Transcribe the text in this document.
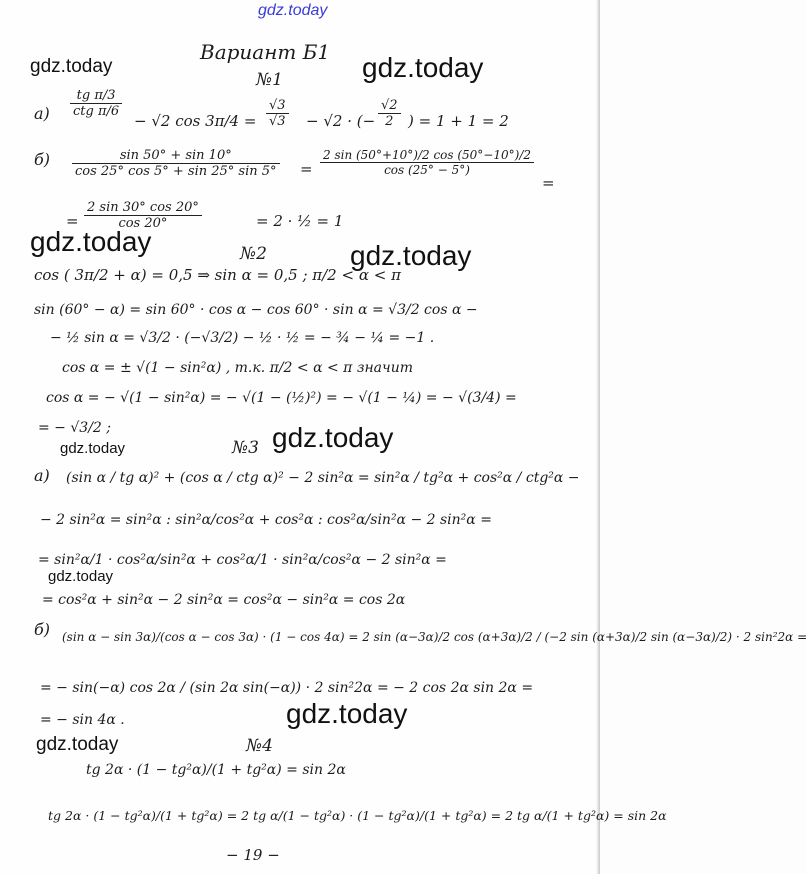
gdz.today
gdz.today	gdz.today
gdz.today	gdz.today
gdz.today
gdz.today
gdz.today
gdz.today
gdz.today
Вариант Б1
№1
а)
tg π/3
ctg π/6
− √2 $\cos 3\pi/4 = \frac{√3}{√3} - √2$ · (− $\frac{√2}{2}$ ) = 1 + 1 = 2
$б) \frac{\sin 50^\circ + \sin 10^\circ}{\cos 25^\circ \cos 5^\circ + \sin 25^\circ \sin 5^\circ} = \frac{2 \sin (50^\circ+10^\circ)/2 \cos (50^\circ-10^\circ)/2}{\cos (25^\circ - 5^\circ)}$
=
= $\frac{2 \sin 30^\circ \cos 20^\circ}{\cos 20^\circ}$	= 2 · ½ = 1
№2
cos ( 3π/2 + α) = 0,5 ⇒ sin α = 0,5 ; π/2 < α < π
sin (60° − α) = sin 60° · cos α − cos 60° · sin α = √3/2 cos α −
− ½ sin α = √3/2 · (−√3/2) − ½ · ½ = − ¾ − ¼ = −1 .
cos α = ± √(1 − sin²α) , т.к. π/2 < α < π значит
cos α = − √(1 − sin²α) = − √(1 − (½)²) = − √(1 − ¼) = − √(3/4) =
= − √3/2 ;
№3
а) (sin α / tg α)² + (cos α / ctg α)² − 2 sin²α = sin²α / tg²α + cos²α / ctg²α −
− 2 sin²α = sin²α : sin²α/cos²α + cos²α : cos²α/sin²α − 2 sin²α =
= sin²α/1 · cos²α/sin²α + cos²α/1 · sin²α/cos²α − 2 sin²α =
= cos²α + sin²α − 2 sin²α = cos²α − sin²α = cos 2α
б) (sin α − sin 3α)/(cos α − cos 3α) · (1 − cos 4α) = 2 sin (α−3α)/2 cos (α+3α)/2 / (−2 sin (α+3α)/2 sin (α−3α)/2) · 2 sin²2α =
= − sin(−α) cos 2α / (sin 2α sin(−α)) · 2 sin²2α = − 2 cos 2α sin 2α =
= − sin 4α .
№4
tg 2α · (1 − tg²α)/(1 + tg²α) = sin 2α
tg 2α · (1 − tg²α)/(1 + tg²α) = 2 tg α/(1 − tg²α) · (1 − tg²α)/(1 + tg²α) = 2 tg α/(1 + tg²α) = sin 2α
− 19 −
